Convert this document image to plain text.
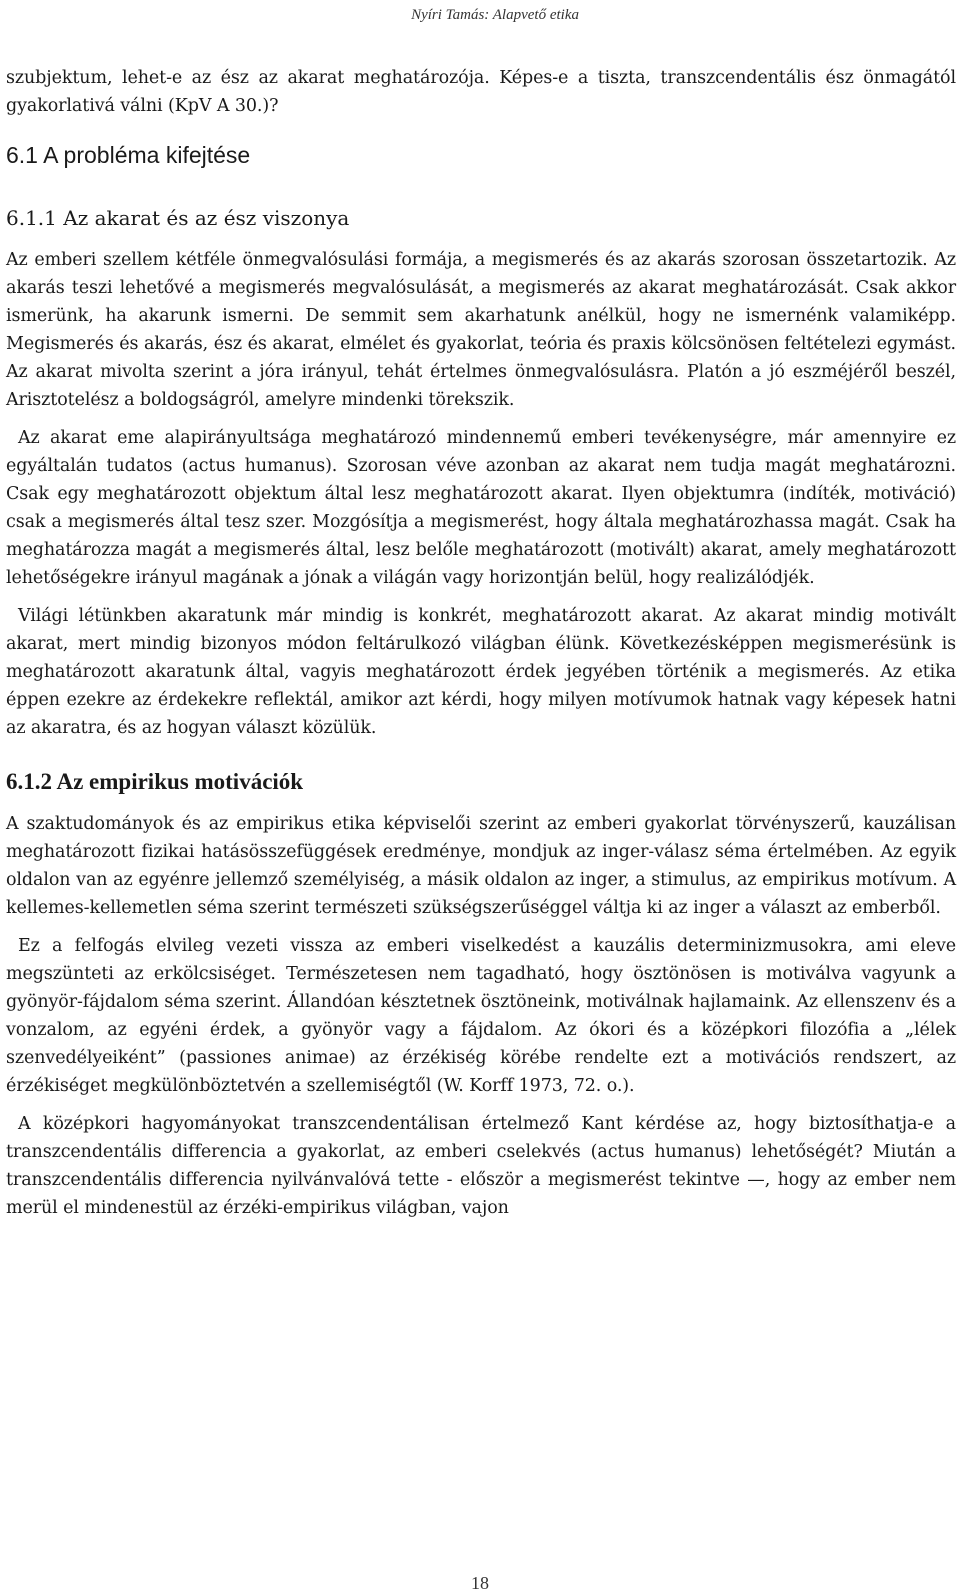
Nyíri Tamás: Alapvető etika

szubjektum, lehet-e az ész az akarat meghatározója. Képes-e a tiszta, transzcendentális ész önmagától gyakorlativá válni (KpV A 30.)?

6.1 A probléma kifejtése
6.1.1 Az akarat és az ész viszonya

Az emberi szellem kétféle önmegvalósulási formája, a megismerés és az akarás szorosan összetartozik. Az akarás teszi lehetővé a megismerés megvalósulását, a megismerés az akarat meghatározását. Csak akkor ismerünk, ha akarunk ismerni. De semmit sem akarhatunk anélkül, hogy ne ismernénk valamiképp. Megismerés és akarás, ész és akarat, elmélet és gyakorlat, teória és praxis kölcsönösen feltételezi egymást. Az akarat mivolta szerint a jóra irányul, tehát értelmes önmegvalósulásra. Platón a jó eszméjéről beszél, Arisztotelész a boldogságról, amelyre mindenki törekszik.

Az akarat eme alapirányultsága meghatározó mindennemű emberi tevékenységre, már amennyire ez egyáltalán tudatos (actus humanus). Szorosan véve azonban az akarat nem tudja magát meghatározni. Csak egy meghatározott objektum által lesz meghatározott akarat. Ilyen objektumra (indíték, motiváció) csak a megismerés által tesz szer. Mozgósítja a megismerést, hogy általa meghatározhassa magát. Csak ha meghatározza magát a megismerés által, lesz belőle meghatározott (motivált) akarat, amely meghatározott lehetőségekre irányul magának a jónak a világán vagy horizontján belül, hogy realizálódjék.

Világi létünkben akaratunk már mindig is konkrét, meghatározott akarat. Az akarat mindig motivált akarat, mert mindig bizonyos módon feltárulkozó világban élünk. Következésképpen megismerésünk is meghatározott akaratunk által, vagyis meghatározott érdek jegyében történik a megismerés. Az etika éppen ezekre az érdekekre reflektál, amikor azt kérdi, hogy milyen motívumok hatnak vagy képesek hatni az akaratra, és az hogyan választ közülük.

6.1.2 Az empirikus motivációk

A szaktudományok és az empirikus etika képviselői szerint az emberi gyakorlat törvényszerű, kauzálisan meghatározott fizikai hatásösszefüggések eredménye, mondjuk az inger-válasz séma értelmében. Az egyik oldalon van az egyénre jellemző személyiség, a másik oldalon az inger, a stimulus, az empirikus motívum. A kellemes-kellemetlen séma szerint természeti szükségszerűséggel váltja ki az inger a választ az emberből.

Ez a felfogás elvileg vezeti vissza az emberi viselkedést a kauzális determinizmusokra, ami eleve megszünteti az erkölcsiséget. Természetesen nem tagadható, hogy ösztönösen is motiválva vagyunk a gyönyör-fájdalom séma szerint. Állandóan késztetnek ösztöneink, motiválnak hajlamaink. Az ellenszenv és a vonzalom, az egyéni érdek, a gyönyör vagy a fájdalom. Az ókori és a középkori filozófia a „lélek szenvedélyeiként” (passiones animae) az érzékiség körébe rendelte ezt a motivációs rendszert, az érzékiséget megkülönböztetvén a szellemiségtől (W. Korff 1973, 72. o.).

A középkori hagyományokat transzcendentálisan értelmező Kant kérdése az, hogy biztosíthatja-e a transzcendentális differencia a gyakorlat, az emberi cselekvés (actus humanus) lehetőségét? Miután a transzcendentális differencia nyilvánvalóvá tette - először a megismerést tekintve —, hogy az ember nem merül el mindenestül az érzéki-empirikus világban, vajon

18
